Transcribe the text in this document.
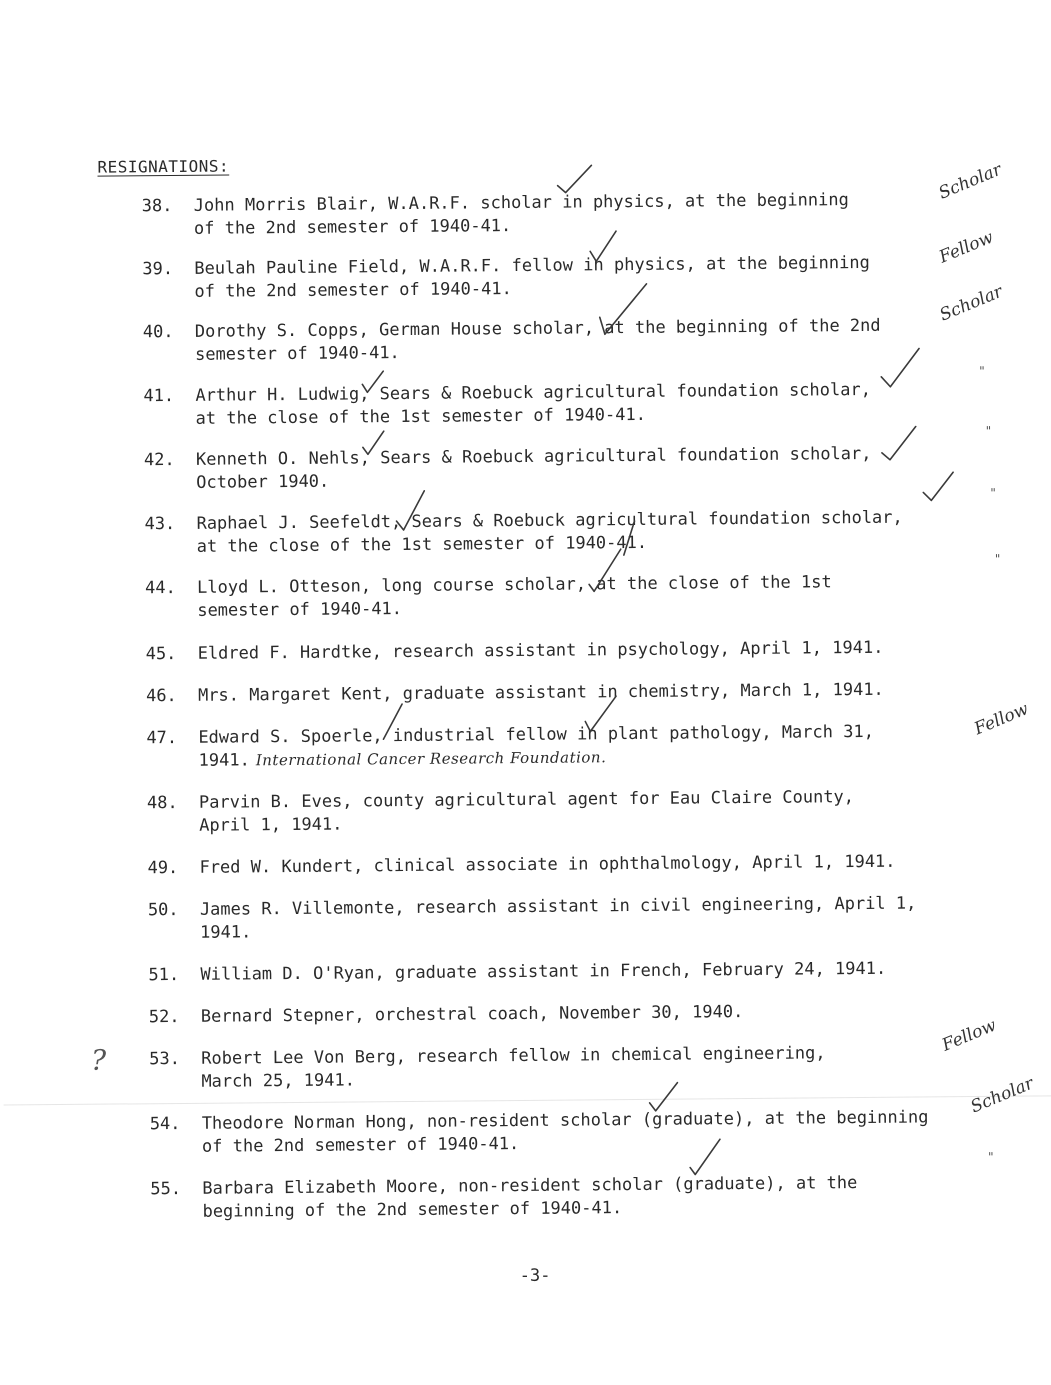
RESIGNATIONS:
38.	John Morris Blair, W.A.R.F. scholar in physics, at the beginning
of the 2nd semester of 1940-41.
39.	Beulah Pauline Field, W.A.R.F. fellow in physics, at the beginning
of the 2nd semester of 1940-41.
40.	Dorothy S. Copps, German House scholar, at the beginning of the 2nd
semester of 1940-41.
41.	Arthur H. Ludwig, Sears & Roebuck agricultural foundation scholar,
at the close of the 1st semester of 1940-41.
42.	Kenneth O. Nehls, Sears & Roebuck agricultural foundation scholar,
October 1940.
43.	Raphael J. Seefeldt, Sears & Roebuck agricultural foundation scholar,
at the close of the 1st semester of 1940-41.
44.	Lloyd L. Otteson, long course scholar, at the close of the 1st
semester of 1940-41.
45.	Eldred F. Hardtke, research assistant in psychology, April 1, 1941.
46.	Mrs. Margaret Kent, graduate assistant in chemistry, March 1, 1941.
47.	Edward S. Spoerle, industrial fellow in plant pathology, March 31,
1941. International Cancer Research Foundation.
48.	Parvin B. Eves, county agricultural agent for Eau Claire County,
April 1, 1941.
49.	Fred W. Kundert, clinical associate in ophthalmology, April 1, 1941.
50.	James R. Villemonte, research assistant in civil engineering, April 1,
1941.
51.	William D. O'Ryan, graduate assistant in French, February 24, 1941.
52.	Bernard Stepner, orchestral coach, November 30, 1940.
53.	Robert Lee Von Berg, research fellow in chemical engineering,
March 25, 1941.
54.	Theodore Norman Hong, non-resident scholar (graduate), at the beginning
of the 2nd semester of 1940-41.
55.	Barbara Elizabeth Moore, non-resident scholar (graduate), at the
beginning of the 2nd semester of 1940-41.
Scholar
Fellow
Scholar
Fellow
Fellow
Scholar
"
"
"
"
"
?
-3-
